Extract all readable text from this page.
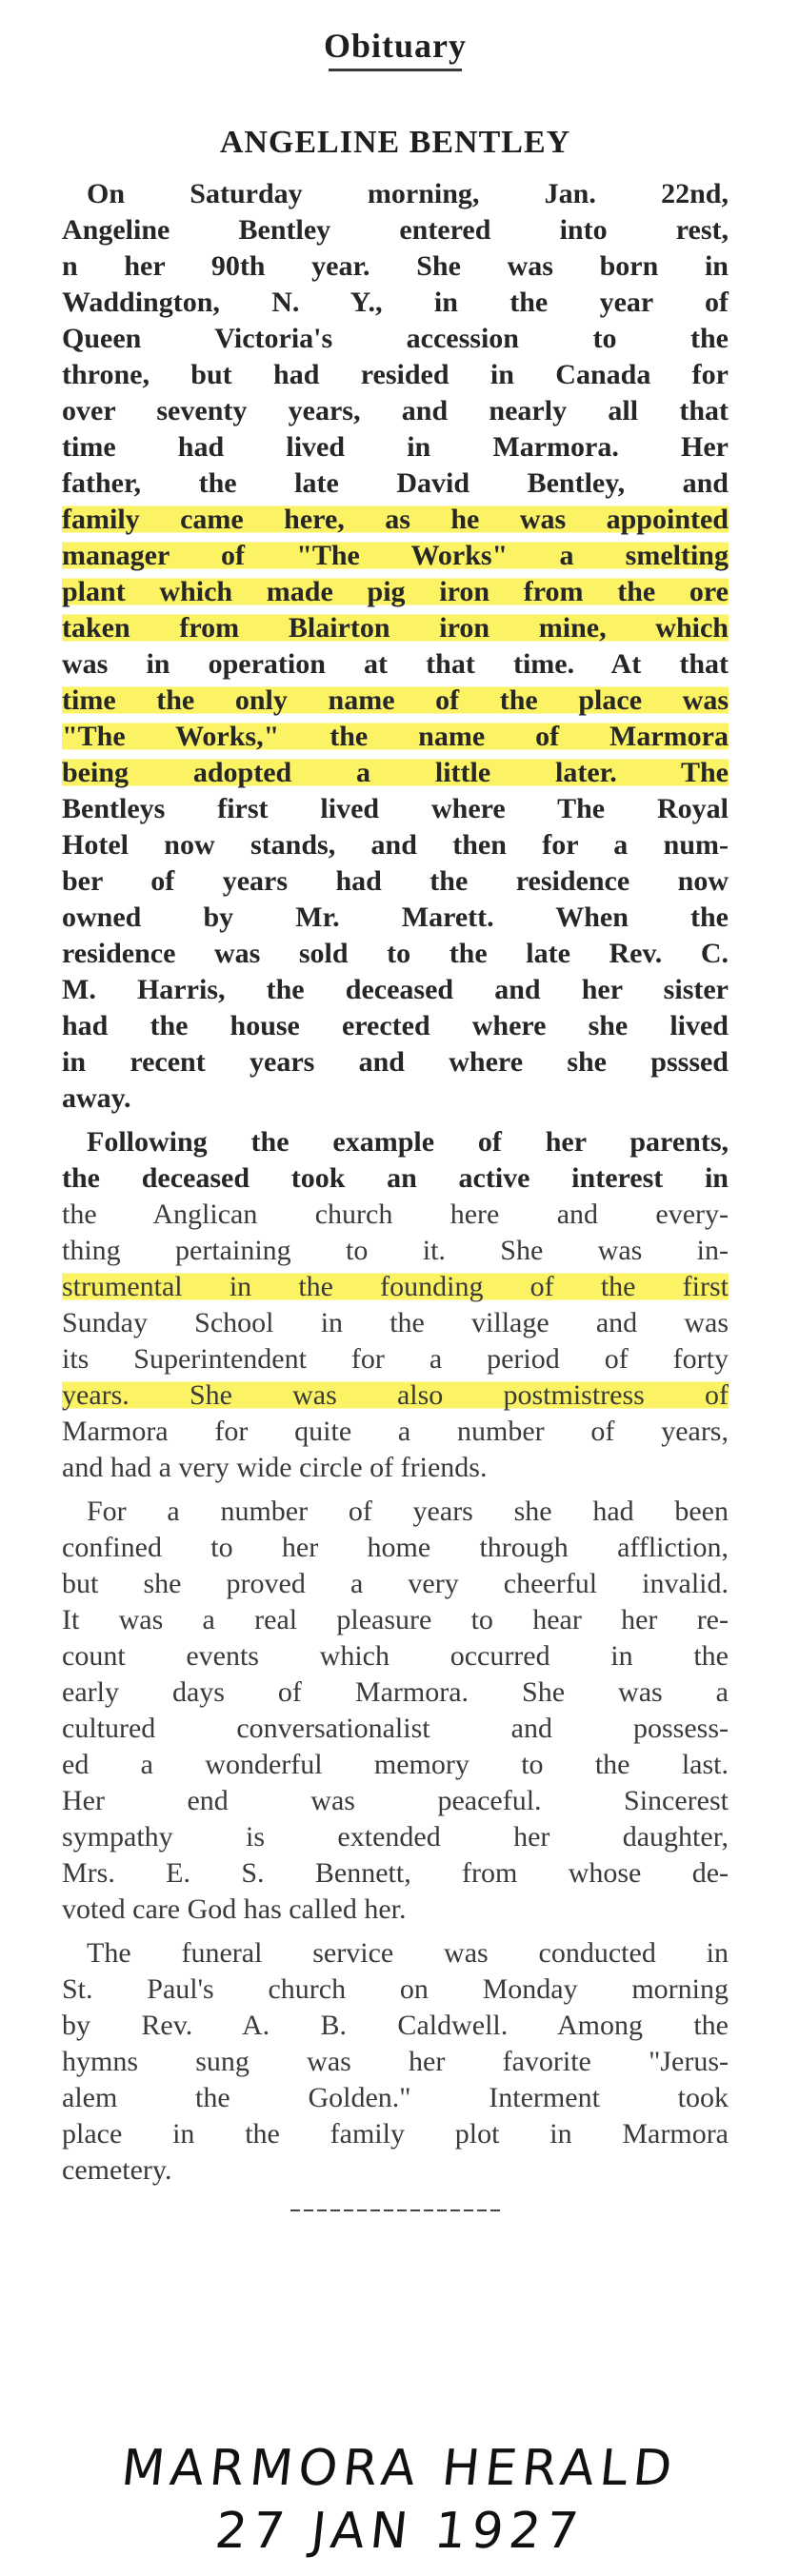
Obituary
ANGELINE BENTLEY
On Saturday morning, Jan. 22nd,
Angeline Bentley entered into rest,
n her 90th year. She was born in
Waddington, N. Y., in the year of
Queen Victoria's accession to the
throne, but had resided in Canada for
over seventy years, and nearly all that
time had lived in Marmora. Her
father, the late David Bentley, and
family came here, as he was appointed
manager of "The Works" a smelting
plant which made pig iron from the ore
taken from Blairton iron mine, which
was in operation at that time. At that
time the only name of the place was
"The Works," the name of Marmora
being adopted a little later. The
Bentleys first lived where The Royal
Hotel now stands, and then for a num-
ber of years had the residence now
owned by Mr. Marett. When the
residence was sold to the late Rev. C.
M. Harris, the deceased and her sister
had the house erected where she lived
in recent years and where she psssed
away.
Following the example of her parents,
the deceased took an active interest in
the Anglican church here and every-
thing pertaining to it. She was in-
strumental in the founding of the first
Sunday School in the village and was
its Superintendent for a period of forty
years. She was also postmistress of
Marmora for quite a number of years,
and had a very wide circle of friends.
For a number of years she had been
confined to her home through affliction,
but she proved a very cheerful invalid.
It was a real pleasure to hear her re-
count events which occurred in the
early days of Marmora. She was a
cultured conversationalist and possess-
ed a wonderful memory to the last.
Her end was peaceful. Sincerest
sympathy is extended her daughter,
Mrs. E. S. Bennett, from whose de-
voted care God has called her.
The funeral service was conducted in
St. Paul's church on Monday morning
by Rev. A. B. Caldwell. Among the
hymns sung was her favorite "Jerus-
alem the Golden." Interment took
place in the family plot in Marmora
cemetery.
MARMORA HERALD
27 JAN 1927
